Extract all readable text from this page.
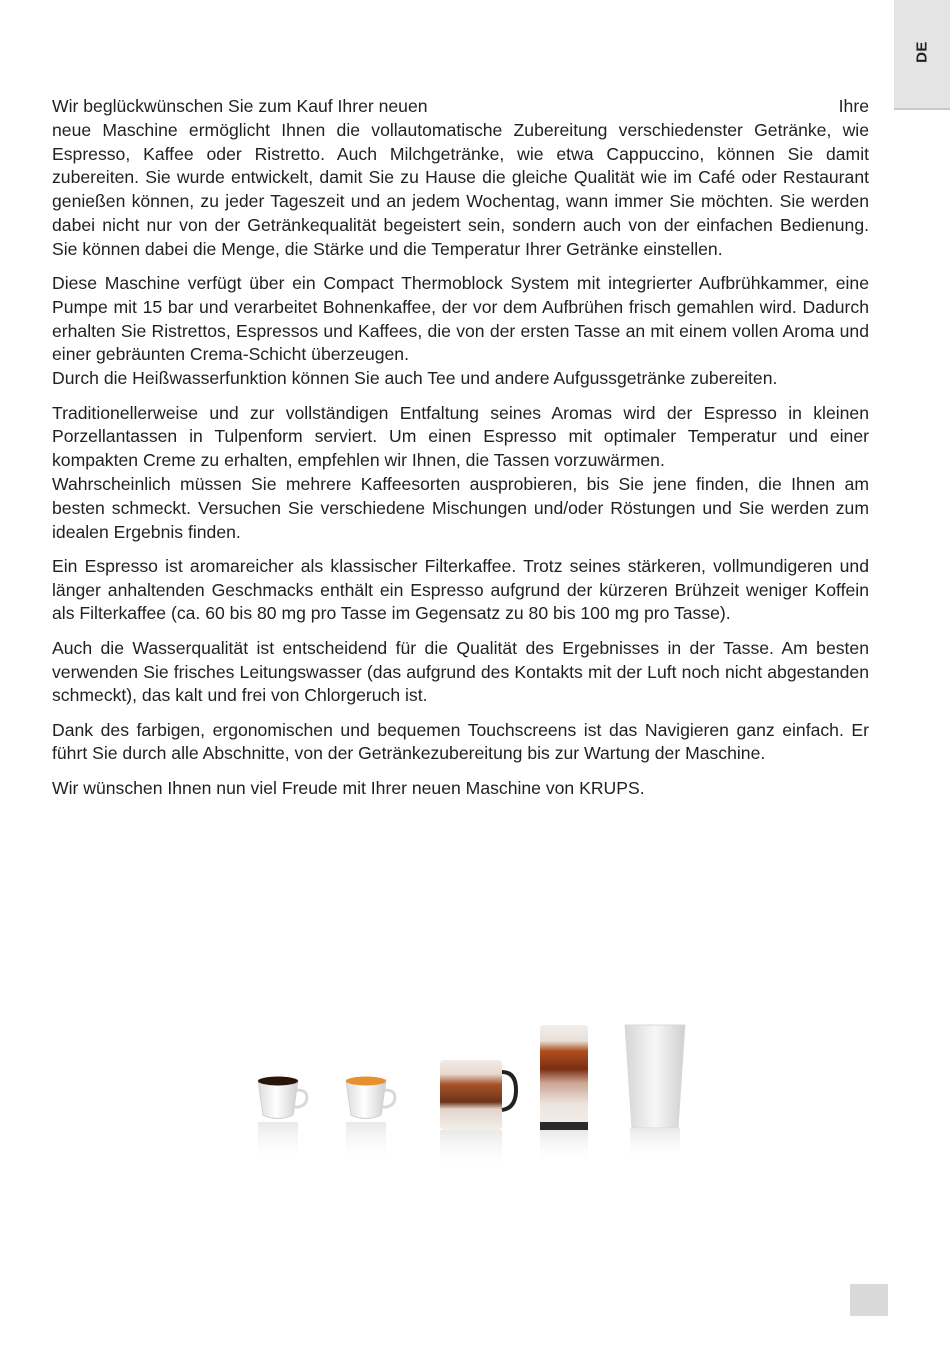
DE
Wir beglückwünschen Sie zum Kauf Ihrer neuen	Ihre

neue Maschine ermöglicht Ihnen die vollautomatische Zubereitung verschiedenster Getränke, wie Espresso, Kaffee oder Ristretto. Auch Milchgetränke, wie etwa Cappuccino, können Sie damit zubereiten. Sie wurde entwickelt, damit Sie zu Hause die gleiche Qualität wie im Café oder Restaurant genießen können, zu jeder Tageszeit und an jedem Wochentag, wann immer Sie möchten. Sie werden dabei nicht nur von der Getränkequalität begeistert sein, sondern auch von der einfachen Bedienung. Sie können dabei die Menge, die Stärke und die Temperatur Ihrer Getränke einstellen.

Diese Maschine verfügt über ein Compact Thermoblock System mit integrierter Aufbrühkammer, eine Pumpe mit 15 bar und verarbeitet Bohnenkaffee, der vor dem Aufbrühen frisch gemahlen wird. Dadurch erhalten Sie Ristrettos, Espressos und Kaffees, die von der ersten Tasse an mit einem vollen Aroma und einer gebräunten Crema-Schicht überzeugen.
Durch die Heißwasserfunktion können Sie auch Tee und andere Aufgussgetränke zubereiten.

Traditionellerweise und zur vollständigen Entfaltung seines Aromas wird der Espresso in kleinen Porzellantassen in Tulpenform serviert. Um einen Espresso mit optimaler Temperatur und einer kompakten Creme zu erhalten, empfehlen wir Ihnen, die Tassen vorzuwärmen.
Wahrscheinlich müssen Sie mehrere Kaffeesorten ausprobieren, bis Sie jene finden, die Ihnen am besten schmeckt. Versuchen Sie verschiedene Mischungen und/oder Röstungen und Sie werden zum idealen Ergebnis finden.

Ein Espresso ist aromareicher als klassischer Filterkaffee. Trotz seines stärkeren, vollmundigeren und länger anhaltenden Geschmacks enthält ein Espresso aufgrund der kürzeren Brühzeit weniger Koffein als Filterkaffee (ca. 60 bis 80 mg pro Tasse im Gegensatz zu 80 bis 100 mg pro Tasse).

Auch die Wasserqualität ist entscheidend für die Qualität des Ergebnisses in der Tasse. Am besten verwenden Sie frisches Leitungswasser (das aufgrund des Kontakts mit der Luft noch nicht abgestanden schmeckt), das kalt und frei von Chlorgeruch ist.

Dank des farbigen, ergonomischen und bequemen Touchscreens ist das Navigieren ganz einfach. Er führt Sie durch alle Abschnitte, von der Getränkezubereitung bis zur Wartung der Maschine.

Wir wünschen Ihnen nun viel Freude mit Ihrer neuen Maschine von KRUPS.
